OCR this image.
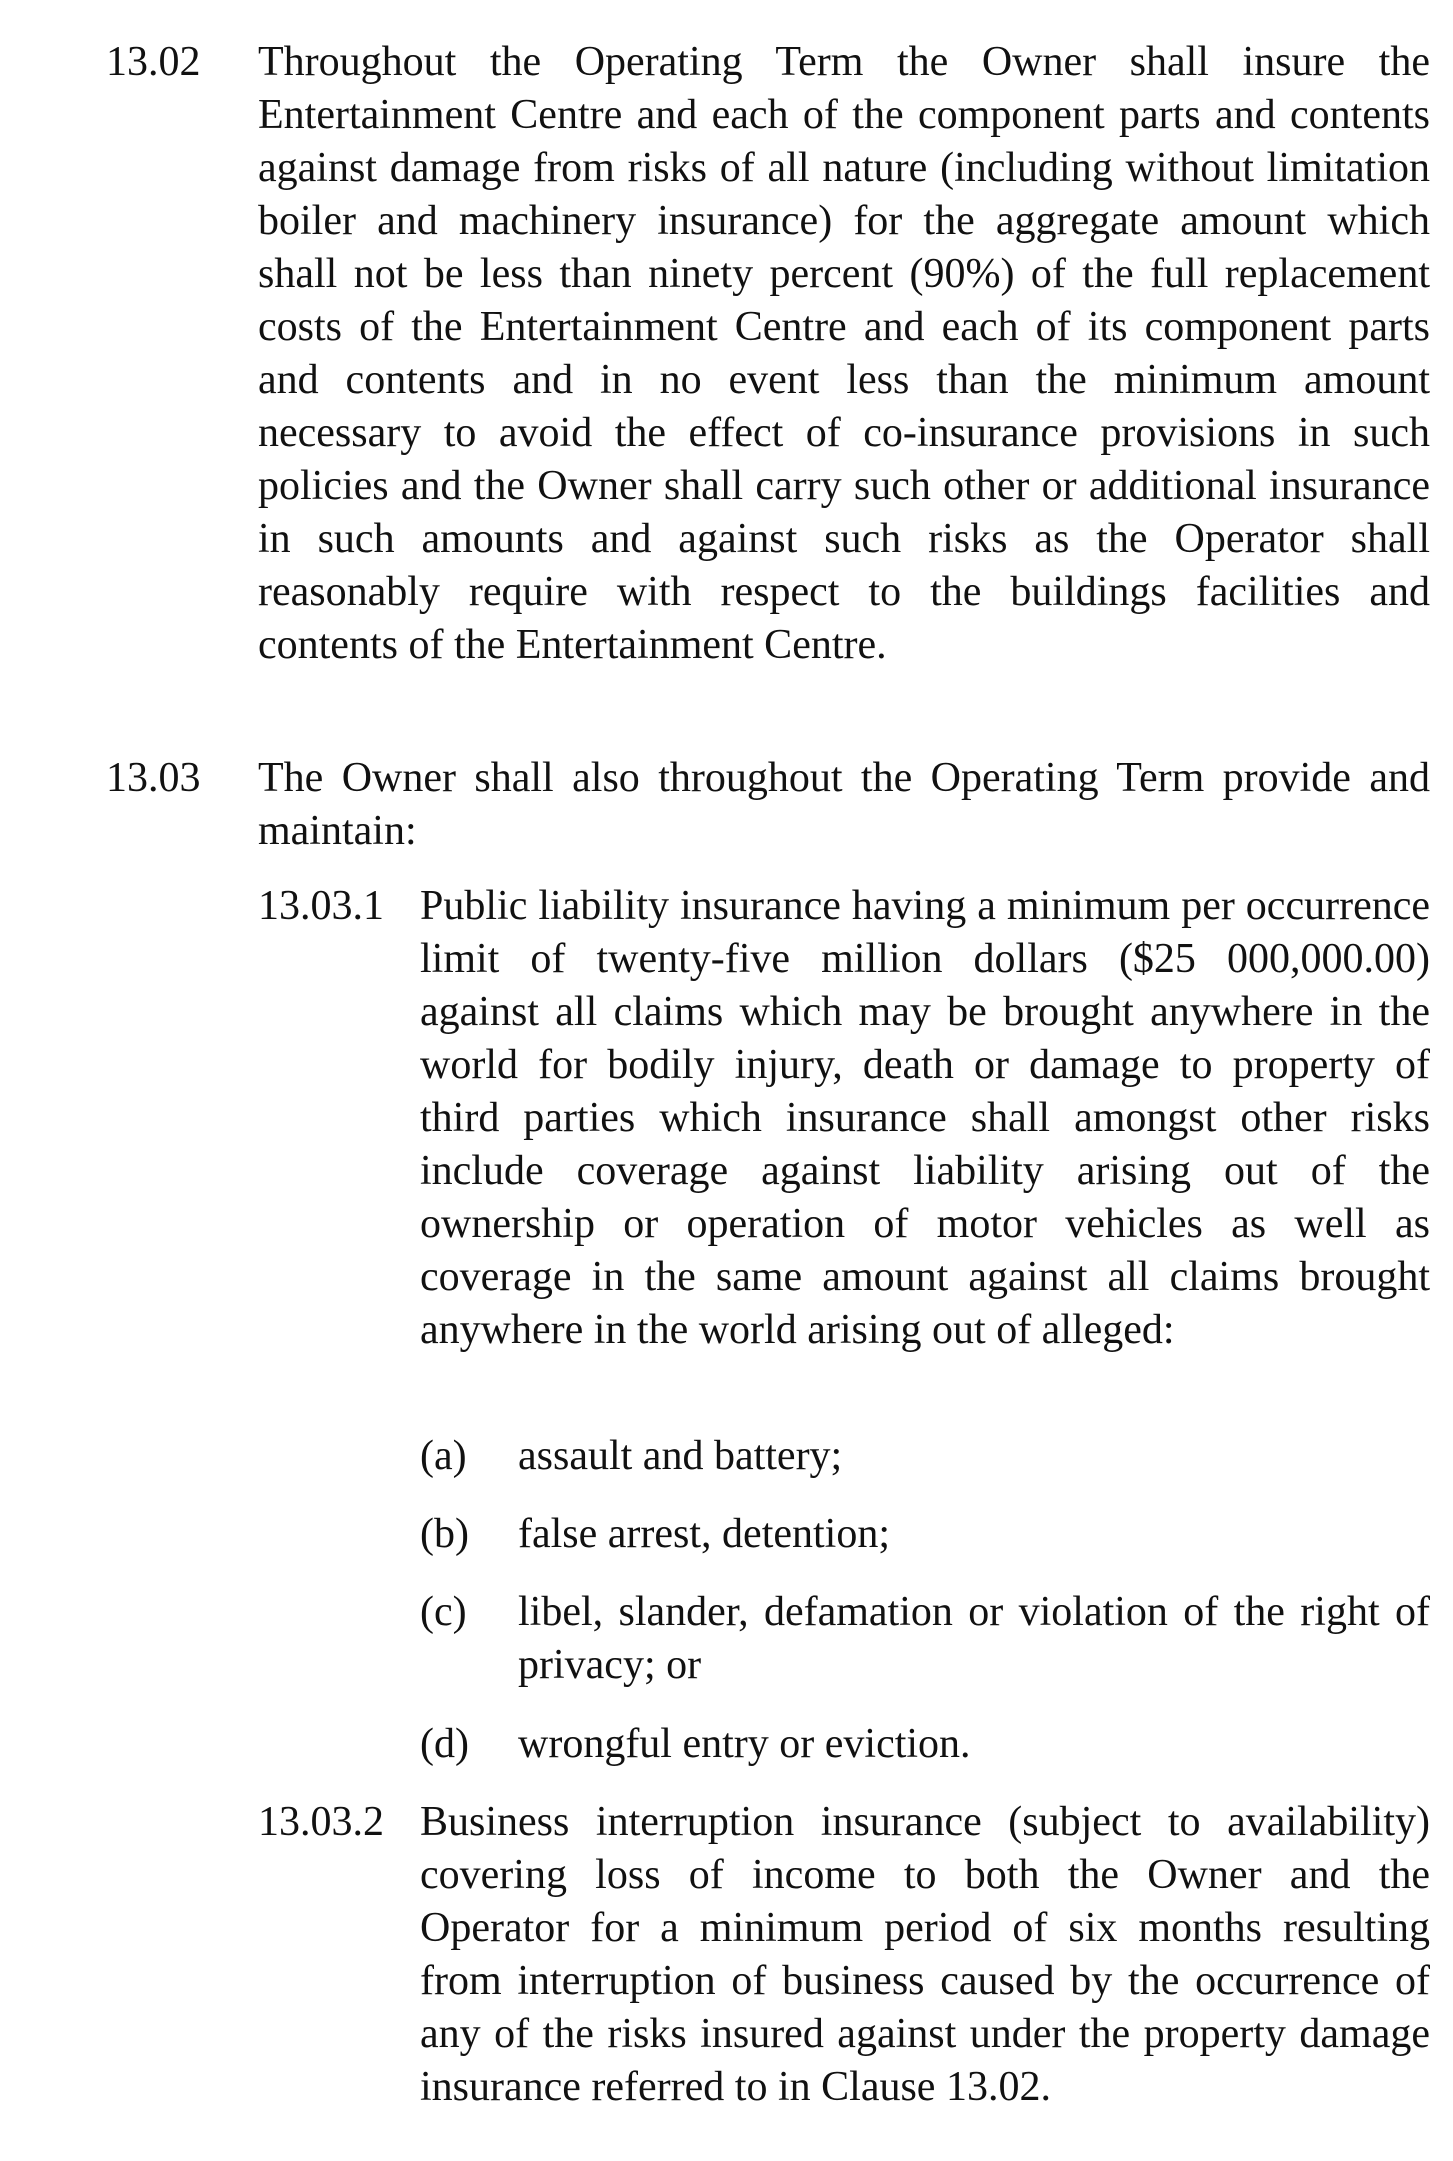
13.02 Throughout the Operating Term the Owner shall insure the Entertainment Centre and each of the component parts and contents against damage from risks of all nature (including without limitation boiler and machinery insurance) for the aggregate amount which shall not be less than ninety percent (90%) of the full replacement costs of the Entertainment Centre and each of its component parts and contents and in no event less than the minimum amount necessary to avoid the effect of co-insurance provisions in such policies and the Owner shall carry such other or additional insurance in such amounts and against such risks as the Operator shall reasonably require with respect to the buildings facilities and contents of the Entertainment Centre.
13.03 The Owner shall also throughout the Operating Term provide and maintain:
13.03.1 Public liability insurance having a minimum per occurrence limit of twenty-five million dollars ($25 000,000.00) against all claims which may be brought anywhere in the world for bodily injury, death or damage to property of third parties which insurance shall amongst other risks include coverage against liability arising out of the ownership or operation of motor vehicles as well as coverage in the same amount against all claims brought anywhere in the world arising out of alleged:
(a) assault and battery;
(b) false arrest, detention;
(c) libel, slander, defamation or violation of the right of privacy; or
(d) wrongful entry or eviction.
13.03.2 Business interruption insurance (subject to availability) covering loss of income to both the Owner and the Operator for a minimum period of six months resulting from interruption of business caused by the occurrence of any of the risks insured against under the property damage insurance referred to in Clause 13.02.
